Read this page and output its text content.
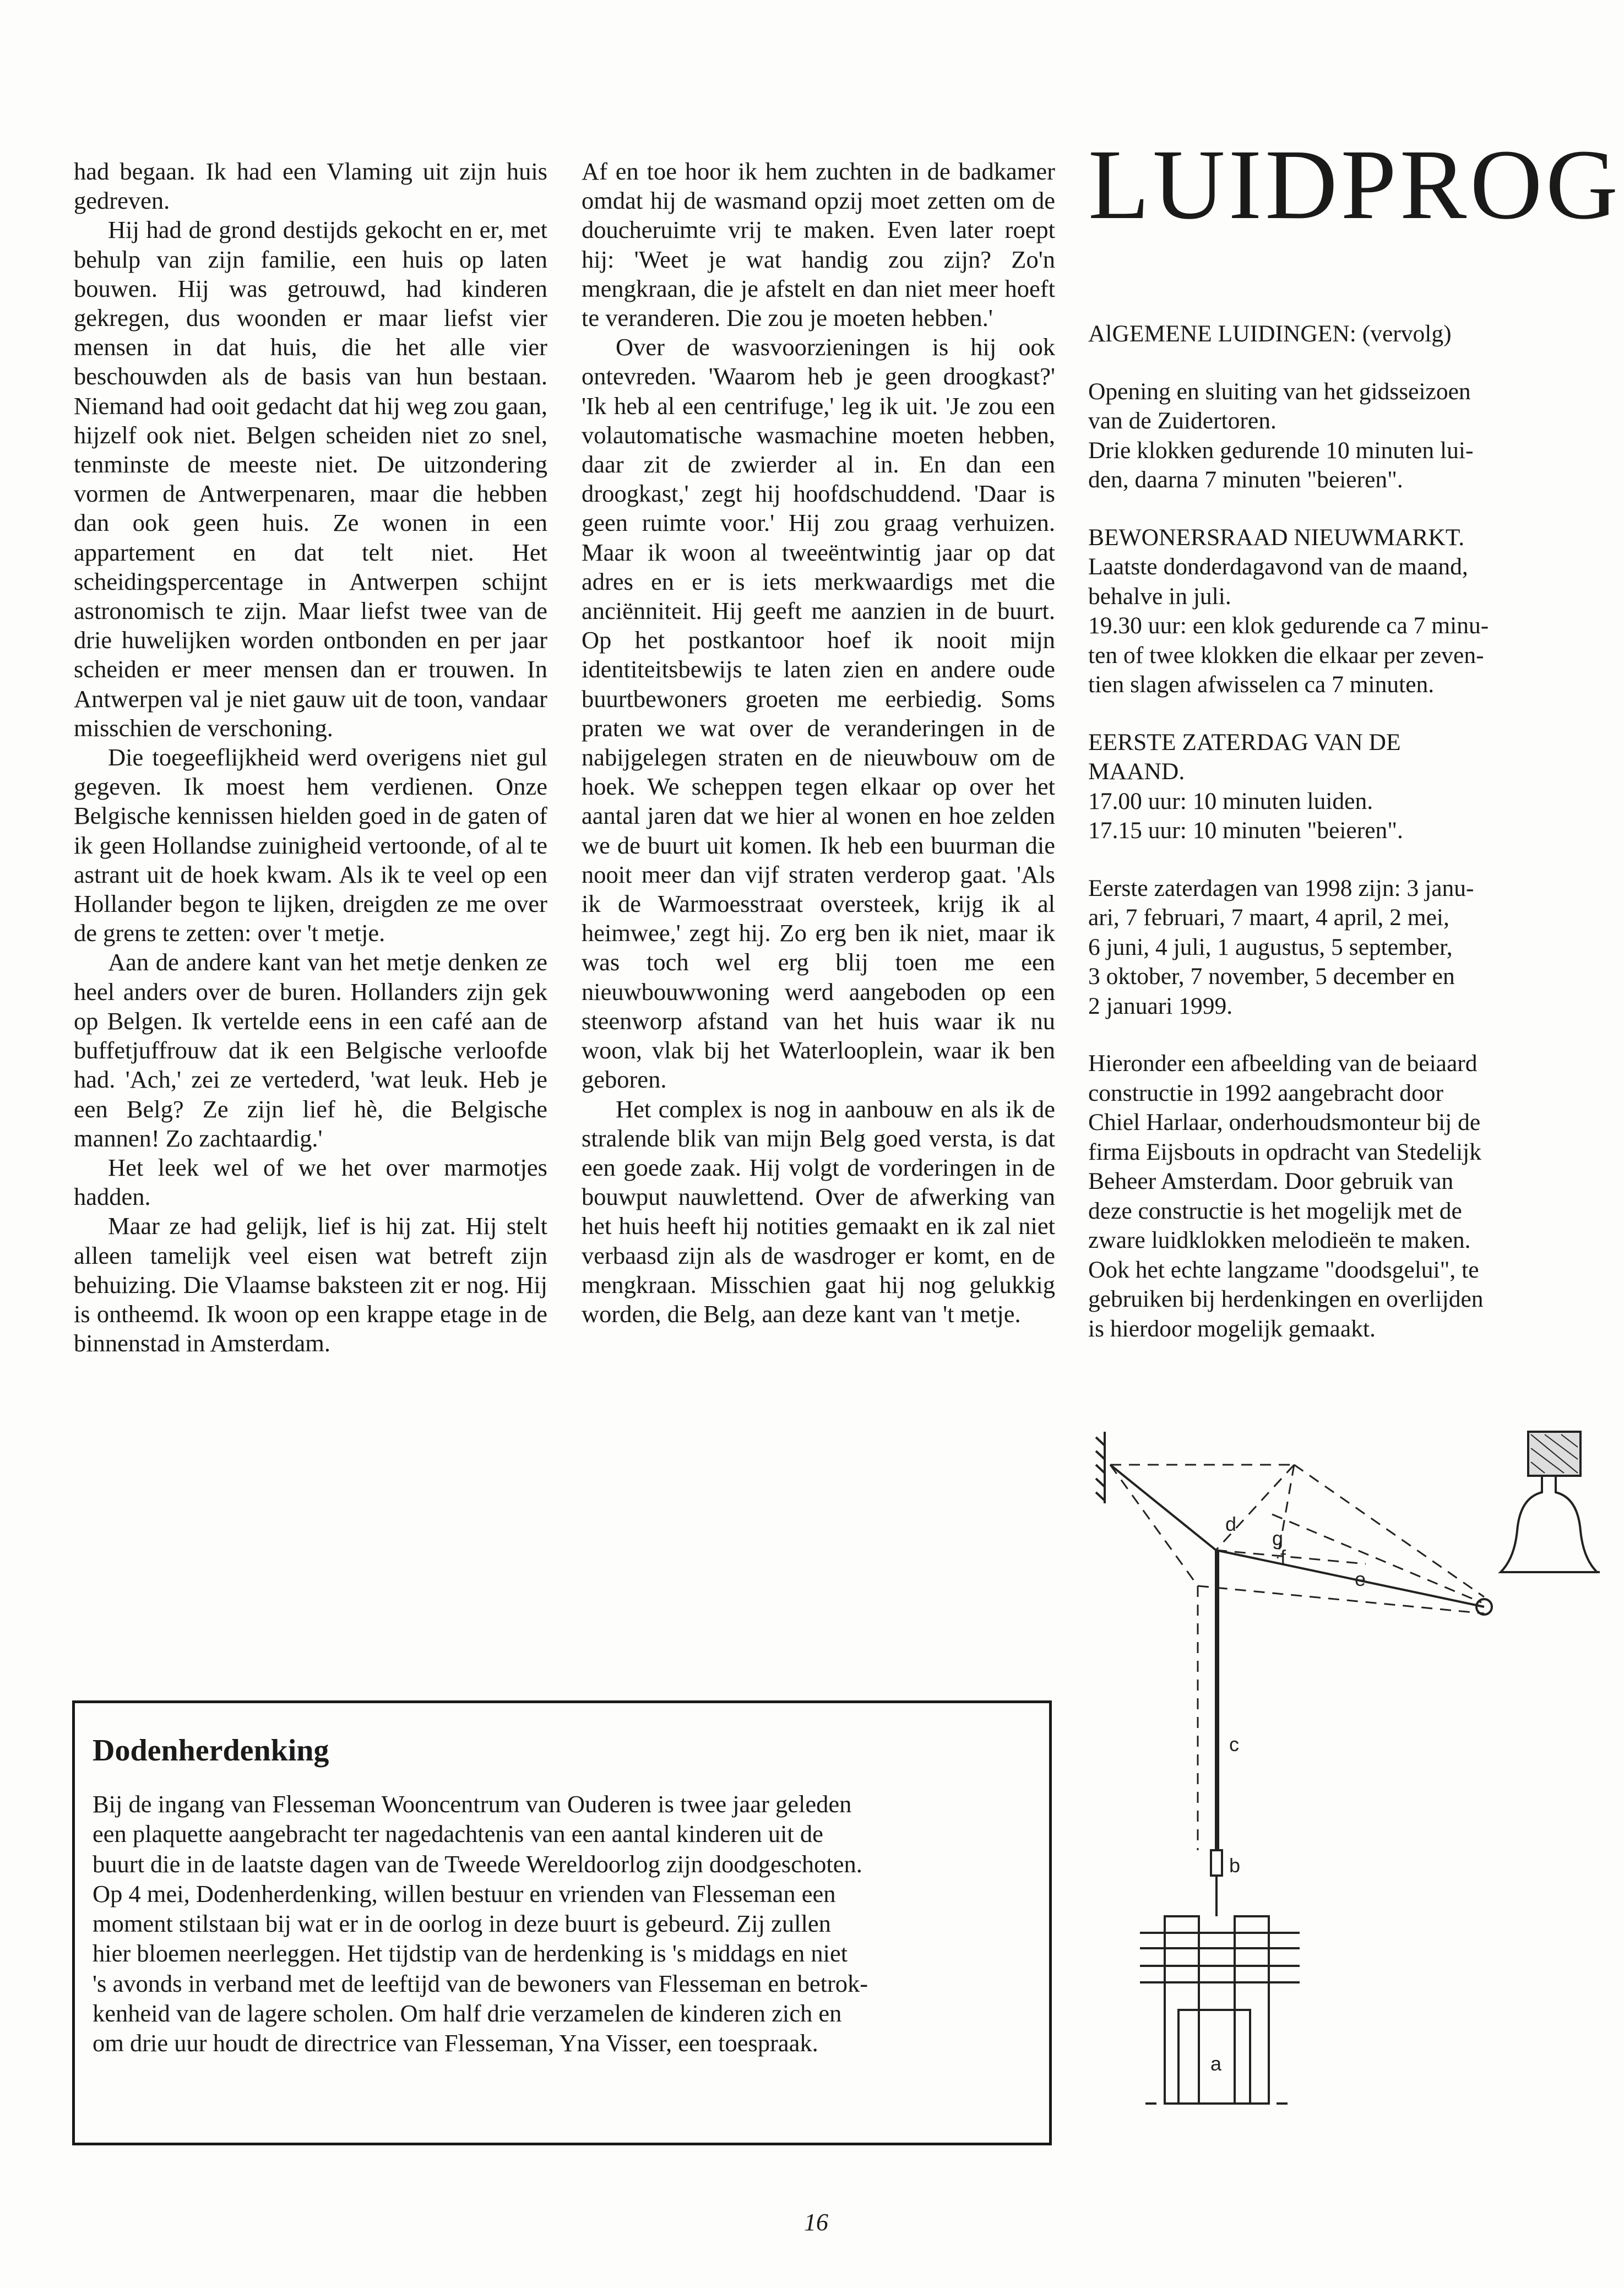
had begaan. Ik had een Vlaming uit zijn huis gedreven.

Hij had de grond destijds gekocht en er, met behulp van zijn familie, een huis op laten bouwen. Hij was getrouwd, had kinderen gekregen, dus woonden er maar liefst vier mensen in dat huis, die het alle vier beschouwden als de basis van hun bestaan. Niemand had ooit gedacht dat hij weg zou gaan, hijzelf ook niet. Belgen scheiden niet zo snel, tenminste de meeste niet. De uitzondering vormen de Antwerpenaren, maar die hebben dan ook geen huis. Ze wonen in een appartement en dat telt niet. Het scheidingspercentage in Antwerpen schijnt astronomisch te zijn. Maar liefst twee van de drie huwelijken worden ontbonden en per jaar scheiden er meer mensen dan er trouwen. In Antwerpen val je niet gauw uit de toon, vandaar misschien de verschoning.

Die toegeeflijkheid werd overigens niet gul gegeven. Ik moest hem verdienen. Onze Belgische kennissen hielden goed in de gaten of ik geen Hollandse zuinigheid vertoonde, of al te astrant uit de hoek kwam. Als ik te veel op een Hollander begon te lijken, dreigden ze me over de grens te zetten: over 't metje.

Aan de andere kant van het metje denken ze heel anders over de buren. Hollanders zijn gek op Belgen. Ik vertelde eens in een café aan de buffetjuffrouw dat ik een Belgische verloofde had. 'Ach,' zei ze vertederd, 'wat leuk. Heb je een Belg? Ze zijn lief hè, die Belgische mannen! Zo zachtaardig.'

Het leek wel of we het over marmotjes hadden.

Maar ze had gelijk, lief is hij zat. Hij stelt alleen tamelijk veel eisen wat betreft zijn behuizing. Die Vlaamse baksteen zit er nog. Hij is ontheemd. Ik woon op een krappe etage in de binnenstad in Amsterdam.

Af en toe hoor ik hem zuchten in de badkamer omdat hij de wasmand opzij moet zetten om de doucheruimte vrij te maken. Even later roept hij: 'Weet je wat handig zou zijn? Zo'n mengkraan, die je afstelt en dan niet meer hoeft te veranderen. Die zou je moeten hebben.'

Over de wasvoorzieningen is hij ook ontevreden. 'Waarom heb je geen droogkast?' 'Ik heb al een centrifuge,' leg ik uit. 'Je zou een volautomatische wasmachine moeten hebben, daar zit de zwierder al in. En dan een droogkast,' zegt hij hoofdschuddend. 'Daar is geen ruimte voor.' Hij zou graag verhuizen. Maar ik woon al tweeëntwintig jaar op dat adres en er is iets merkwaardigs met die anciënniteit. Hij geeft me aanzien in de buurt. Op het postkantoor hoef ik nooit mijn identiteitsbewijs te laten zien en andere oude buurtbewoners groeten me eerbiedig. Soms praten we wat over de veranderingen in de nabijgelegen straten en de nieuwbouw om de hoek. We scheppen tegen elkaar op over het aantal jaren dat we hier al wonen en hoe zelden we de buurt uit komen. Ik heb een buurman die nooit meer dan vijf straten verderop gaat. 'Als ik de Warmoesstraat oversteek, krijg ik al heimwee,' zegt hij. Zo erg ben ik niet, maar ik was toch wel erg blij toen me een nieuwbouwwoning werd aangeboden op een steenworp afstand van het huis waar ik nu woon, vlak bij het Waterlooplein, waar ik ben geboren.

Het complex is nog in aanbouw en als ik de stralende blik van mijn Belg goed versta, is dat een goede zaak. Hij volgt de vorderingen in de bouwput nauwlettend. Over de afwerking van het huis heeft hij notities gemaakt en ik zal niet verbaasd zijn als de wasdroger er komt, en de mengkraan. Misschien gaat hij nog gelukkig worden, die Belg, aan deze kant van 't metje.

LUIDPROG

AlGEMENE LUIDINGEN: (vervolg)

Opening en sluiting van het gidsseizoen

van de Zuidertoren.

Drie klokken gedurende 10 minuten lui-

den, daarna 7 minuten "beieren".

BEWONERSRAAD NIEUWMARKT.

Laatste donderdagavond van de maand,

behalve in juli.

19.30 uur: een klok gedurende ca 7 minu-

ten of twee klokken die elkaar per zeven-

tien slagen afwisselen ca 7 minuten.

EERSTE ZATERDAG VAN DE

MAAND.

17.00 uur: 10 minuten luiden.

17.15 uur: 10 minuten "beieren".

Eerste zaterdagen van 1998 zijn: 3 janu-

ari, 7 februari, 7 maart, 4 april, 2 mei,

6 juni, 4 juli, 1 augustus, 5 september,

3 oktober, 7 november, 5 december en

2 januari 1999.

Hieronder een afbeelding van de beiaard

constructie in 1992 aangebracht door

Chiel Harlaar, onderhoudsmonteur bij de

firma Eijsbouts in opdracht van Stedelijk

Beheer Amsterdam. Door gebruik van

deze constructie is het mogelijk met de

zware luidklokken melodieën te maken.

Ook het echte langzame "doodsgelui", te

gebruiken bij herdenkingen en overlijden

is hierdoor mogelijk gemaakt.

d
g
f
e
c
b
a
Dodenherdenking

Bij de ingang van Flesseman Wooncentrum van Ouderen is twee jaar geleden

een plaquette aangebracht ter nagedachtenis van een aantal kinderen uit de

buurt die in de laatste dagen van de Tweede Wereldoorlog zijn doodgeschoten.

Op 4 mei, Dodenherdenking, willen bestuur en vrienden van Flesseman een

moment stilstaan bij wat er in de oorlog in deze buurt is gebeurd. Zij zullen

hier bloemen neerleggen. Het tijdstip van de herdenking is 's middags en niet

's avonds in verband met de leeftijd van de bewoners van Flesseman en betrok-

kenheid van de lagere scholen. Om half drie verzamelen de kinderen zich en

om drie uur houdt de directrice van Flesseman, Yna Visser, een toespraak.

16
